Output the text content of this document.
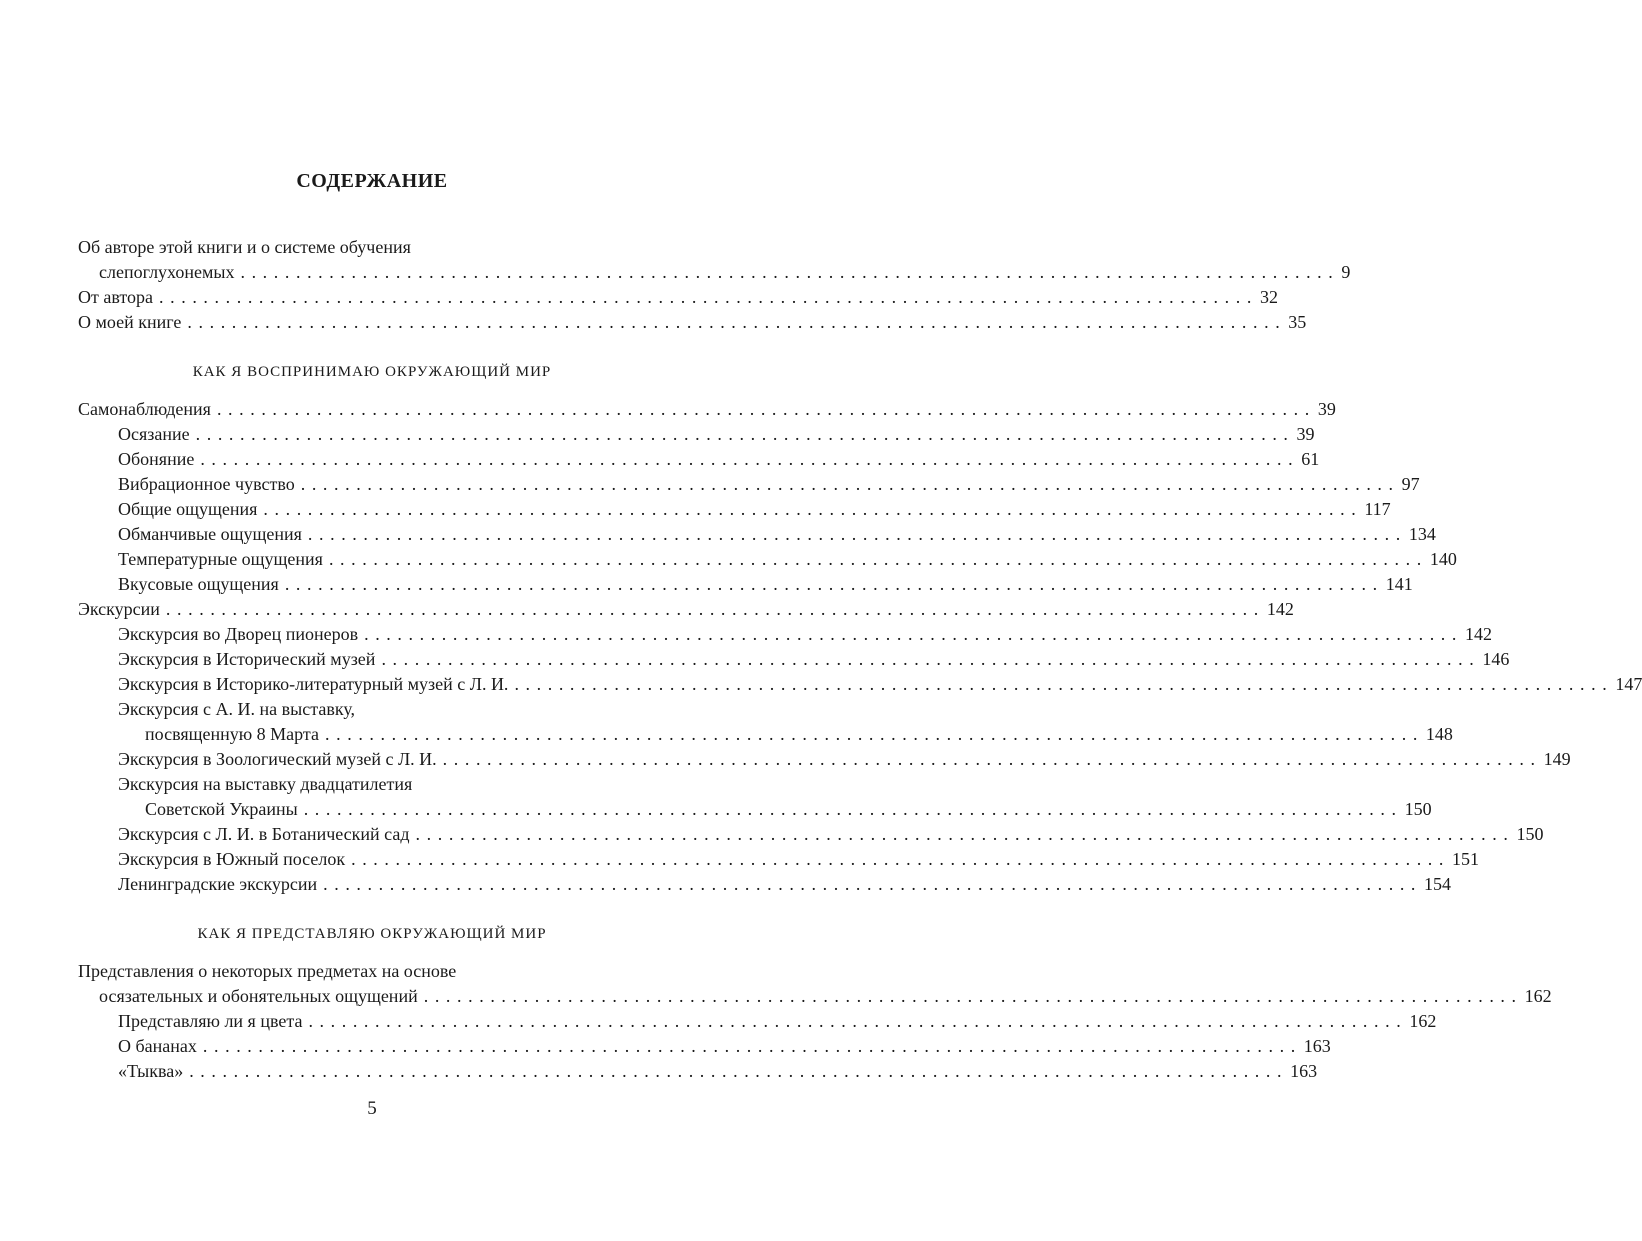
СОДЕРЖАНИЕ
Об авторе этой книги и о системе обучения
слепоглухонемых ................................................................................................... 9
От автора ................................................................................................... 32
О моей книге ................................................................................................... 35
КАК Я ВОСПРИНИМАЮ ОКРУЖАЮЩИЙ МИР
Самонаблюдения ................................................................................................... 39
Осязание ................................................................................................... 39
Обоняние ................................................................................................... 61
Вибрационное чувство ................................................................................................... 97
Общие ощущения ................................................................................................... 117
Обманчивые ощущения ................................................................................................... 134
Температурные ощущения ................................................................................................... 140
Вкусовые ощущения ................................................................................................... 141
Экскурсии ................................................................................................... 142
Экскурсия во Дворец пионеров ................................................................................................... 142
Экскурсия в Исторический музей ................................................................................................... 146
Экскурсия в Историко-литературный музей с Л. И. ................................................................................................... 147
Экскурсия с А. И. на выставку,
посвященную 8 Марта ................................................................................................... 148
Экскурсия в Зоологический музей с Л. И. ................................................................................................... 149
Экскурсия на выставку двадцатилетия
Советской Украины ................................................................................................... 150
Экскурсия с Л. И. в Ботанический сад ................................................................................................... 150
Экскурсия в Южный поселок ................................................................................................... 151
Ленинградские экскурсии ................................................................................................... 154
КАК Я ПРЕДСТАВЛЯЮ ОКРУЖАЮЩИЙ МИР
Представления о некоторых предметах на основе
осязательных и обонятельных ощущений ................................................................................................... 162
Представляю ли я цвета ................................................................................................... 162
О бананах ................................................................................................... 163
«Тыква» ................................................................................................... 163
5
